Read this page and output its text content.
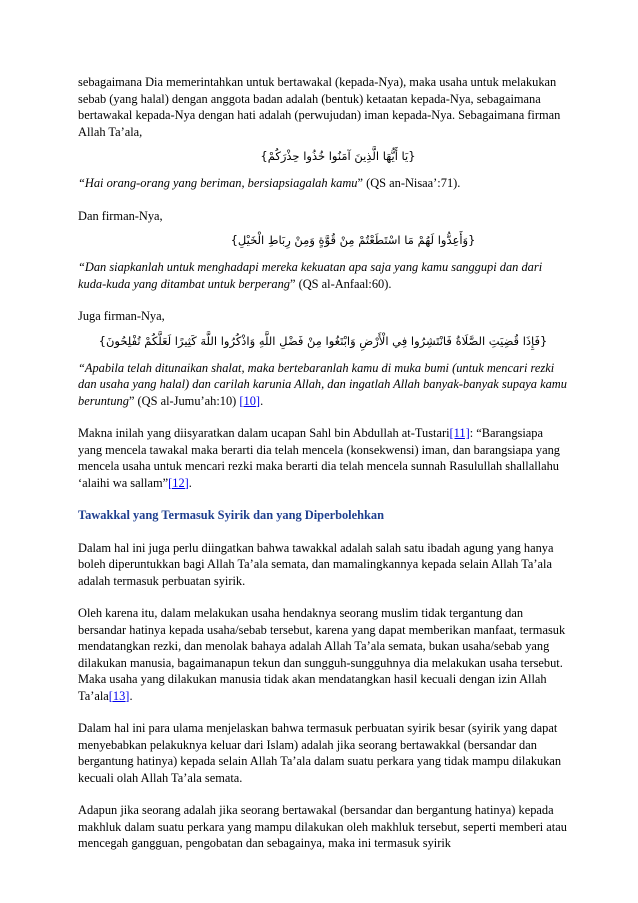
sebagaimana Dia memerintahkan untuk bertawakal (kepada-Nya), maka usaha untuk melakukan sebab (yang halal) dengan anggota badan adalah (bentuk) ketaatan kepada-Nya, sebagaimana bertawakal kepada-Nya dengan hati adalah (perwujudan) iman kepada-Nya. Sebagaimana firman Allah Ta’ala,

{يَا أَيُّهَا الَّذِينَ آمَنُوا خُذُوا حِذْرَكُمْ}

“Hai orang-orang yang beriman, bersiapsiagalah kamu” (QS an-Nisaa’:71).

Dan firman-Nya,

{وَأَعِدُّوا لَهُمْ مَا اسْتَطَعْتُمْ مِنْ قُوَّةٍ وَمِنْ رِبَاطِ الْخَيْلِ}

“Dan siapkanlah untuk menghadapi mereka kekuatan apa saja yang kamu sanggupi dan dari kuda-kuda yang ditambat untuk berperang” (QS al-Anfaal:60).

Juga firman-Nya,

{فَإِذَا قُضِيَتِ الصَّلَاةُ فَانْتَشِرُوا فِي الْأَرْضِ وَابْتَغُوا مِنْ فَضْلِ اللَّهِ وَاذْكُرُوا اللَّهَ كَثِيرًا لَعَلَّكُمْ تُفْلِحُونَ}

“Apabila telah ditunaikan shalat, maka bertebaranlah kamu di muka bumi (untuk mencari rezki dan usaha yang halal) dan carilah karunia Allah, dan ingatlah Allah banyak-banyak supaya kamu beruntung” (QS al-Jumu’ah:10) [10].

Makna inilah yang diisyaratkan dalam ucapan Sahl bin Abdullah at-Tustari[11]: “Barangsiapa yang mencela tawakal maka berarti dia telah mencela (konsekwensi) iman, dan barangsiapa yang mencela usaha untuk mencari rezki maka berarti dia telah mencela sunnah Rasulullah shallallahu ‘alaihi wa sallam”[12].

Tawakkal yang Termasuk Syirik dan yang Diperbolehkan

Dalam hal ini juga perlu diingatkan bahwa tawakkal adalah salah satu ibadah agung yang hanya boleh diperuntukkan bagi Allah Ta’ala semata, dan mamalingkannya kepada selain Allah Ta’ala adalah termasuk perbuatan syirik.

Oleh karena itu, dalam melakukan usaha hendaknya seorang muslim tidak tergantung dan bersandar hatinya kepada usaha/sebab tersebut, karena yang dapat memberikan manfaat, termasuk mendatangkan rezki, dan menolak bahaya adalah Allah Ta’ala semata, bukan usaha/sebab yang dilakukan manusia, bagaimanapun tekun dan sungguh-sungguhnya dia melakukan usaha tersebut. Maka usaha yang dilakukan manusia tidak akan mendatangkan hasil kecuali dengan izin Allah Ta’ala[13].

Dalam hal ini para ulama menjelaskan bahwa termasuk perbuatan syirik besar (syirik yang dapat menyebabkan pelakuknya keluar dari Islam) adalah jika seorang bertawakkal (bersandar dan bergantung hatinya) kepada selain Allah Ta’ala dalam suatu perkara yang tidak mampu dilakukan kecuali olah Allah Ta’ala semata.

Adapun jika seorang adalah jika seorang bertawakal (bersandar dan bergantung hatinya) kepada makhluk dalam suatu perkara yang mampu dilakukan oleh makhluk tersebut, seperti memberi atau mencegah gangguan, pengobatan dan sebagainya, maka ini termasuk syirik
